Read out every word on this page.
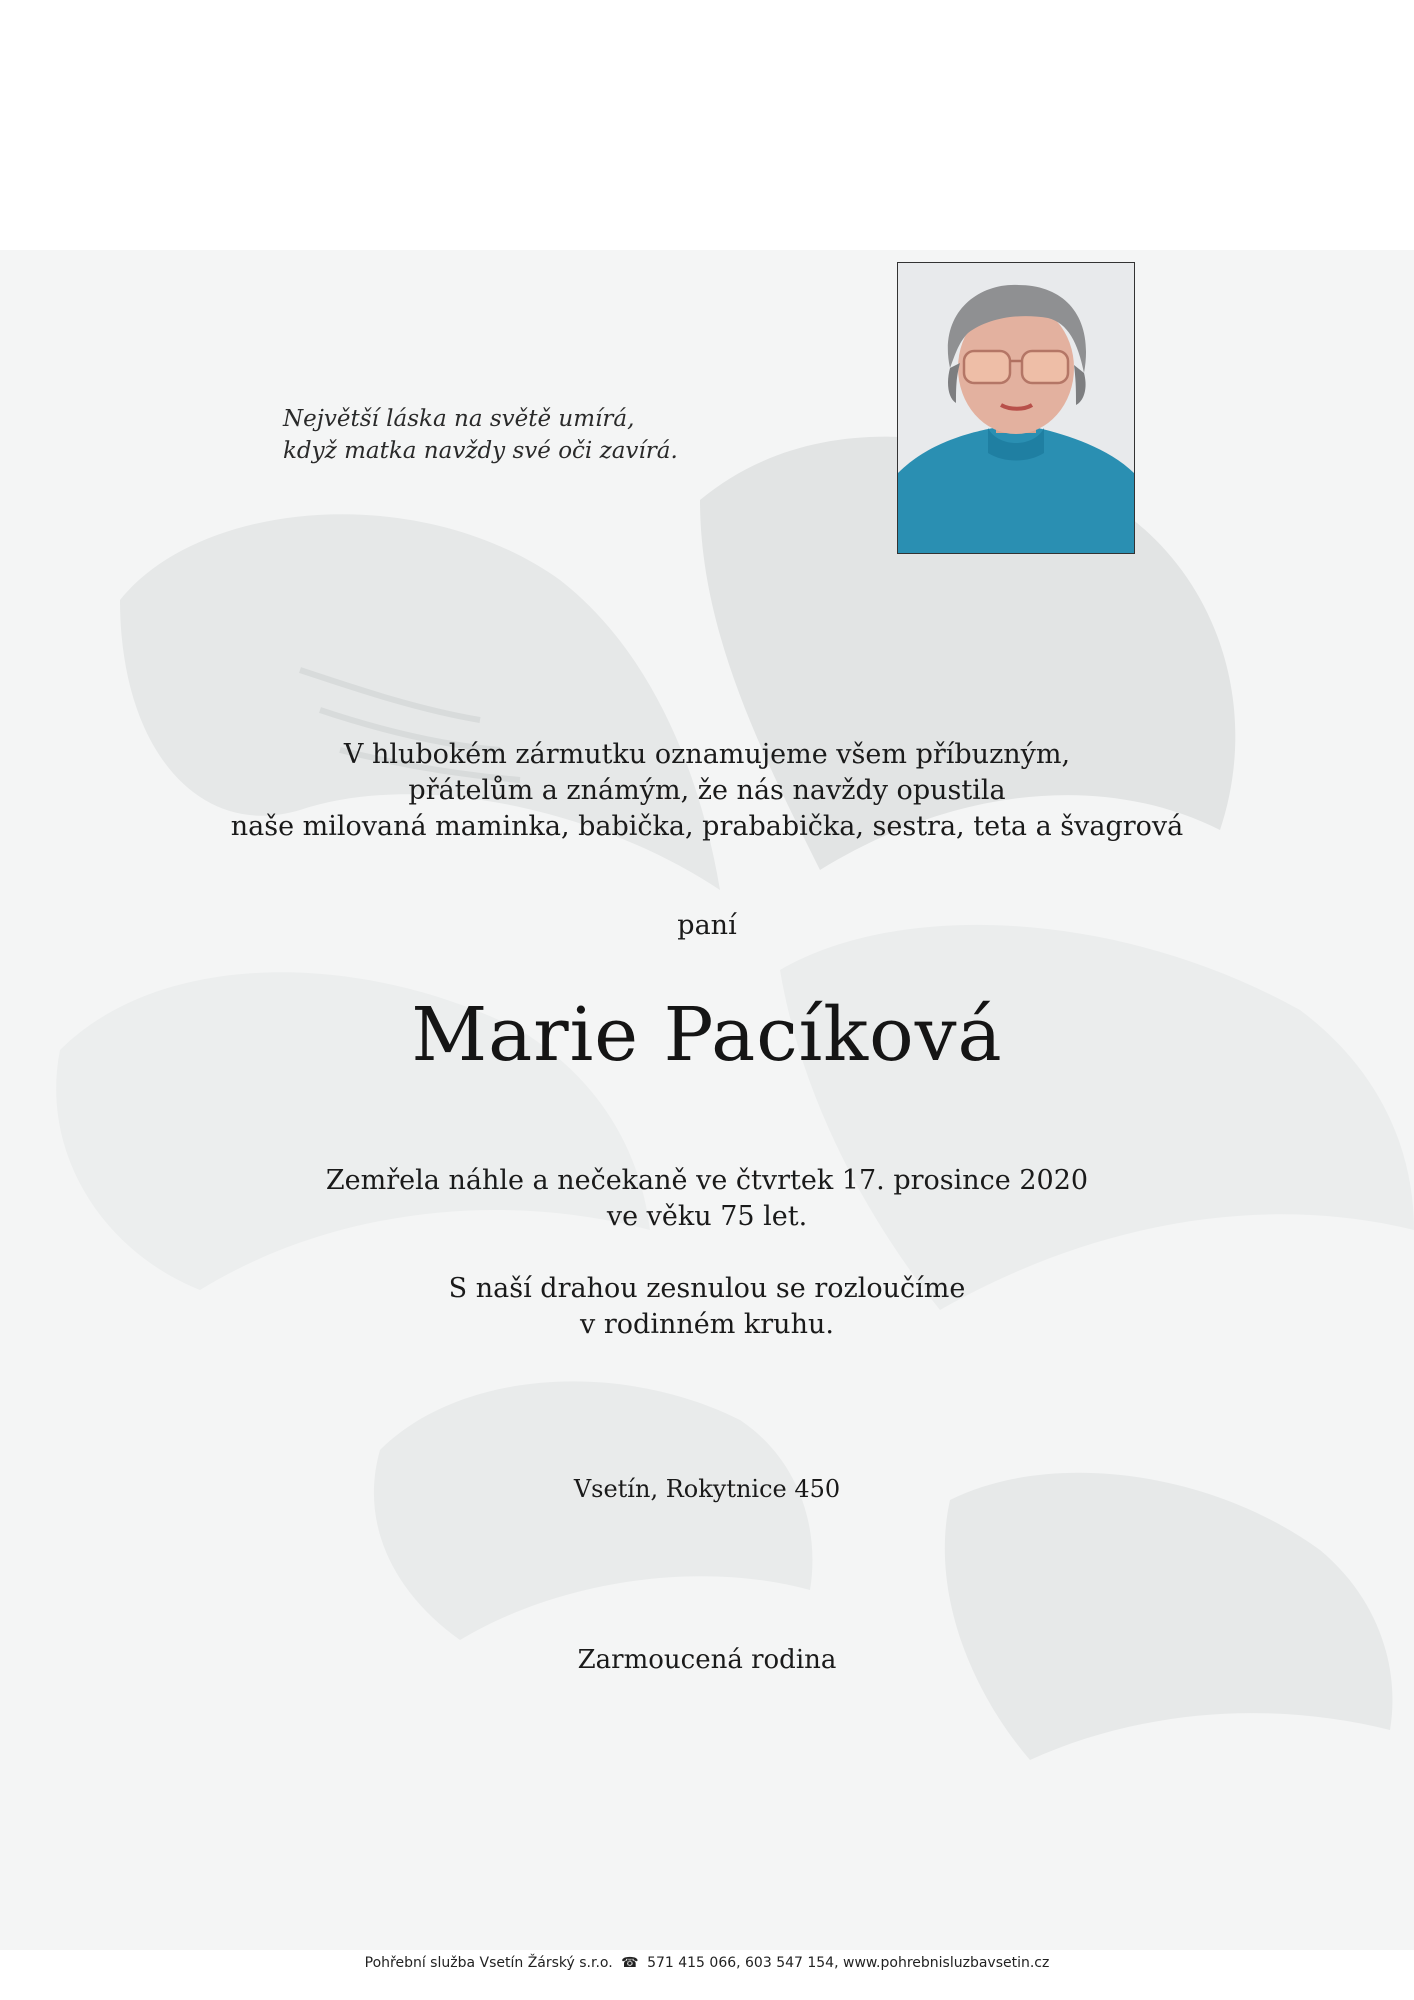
Největší láska na světě umírá,
když matka navždy své oči zavírá.
V hlubokém zármutku oznamujeme všem příbuzným,
přátelům a známým, že nás navždy opustila
naše milovaná maminka, babička, prababička, sestra, teta a švagrová
paní
Marie Pacíková
Zemřela náhle a nečekaně ve čtvrtek 17. prosince 2020
ve věku 75 let.
S naší drahou zesnulou se rozloučíme
v rodinném kruhu.
Vsetín, Rokytnice 450
Zarmoucená rodina
Pohřební služba Vsetín Žárský s.r.o. ☎ 571 415 066, 603 547 154, www.pohrebnisluzbavsetin.cz
